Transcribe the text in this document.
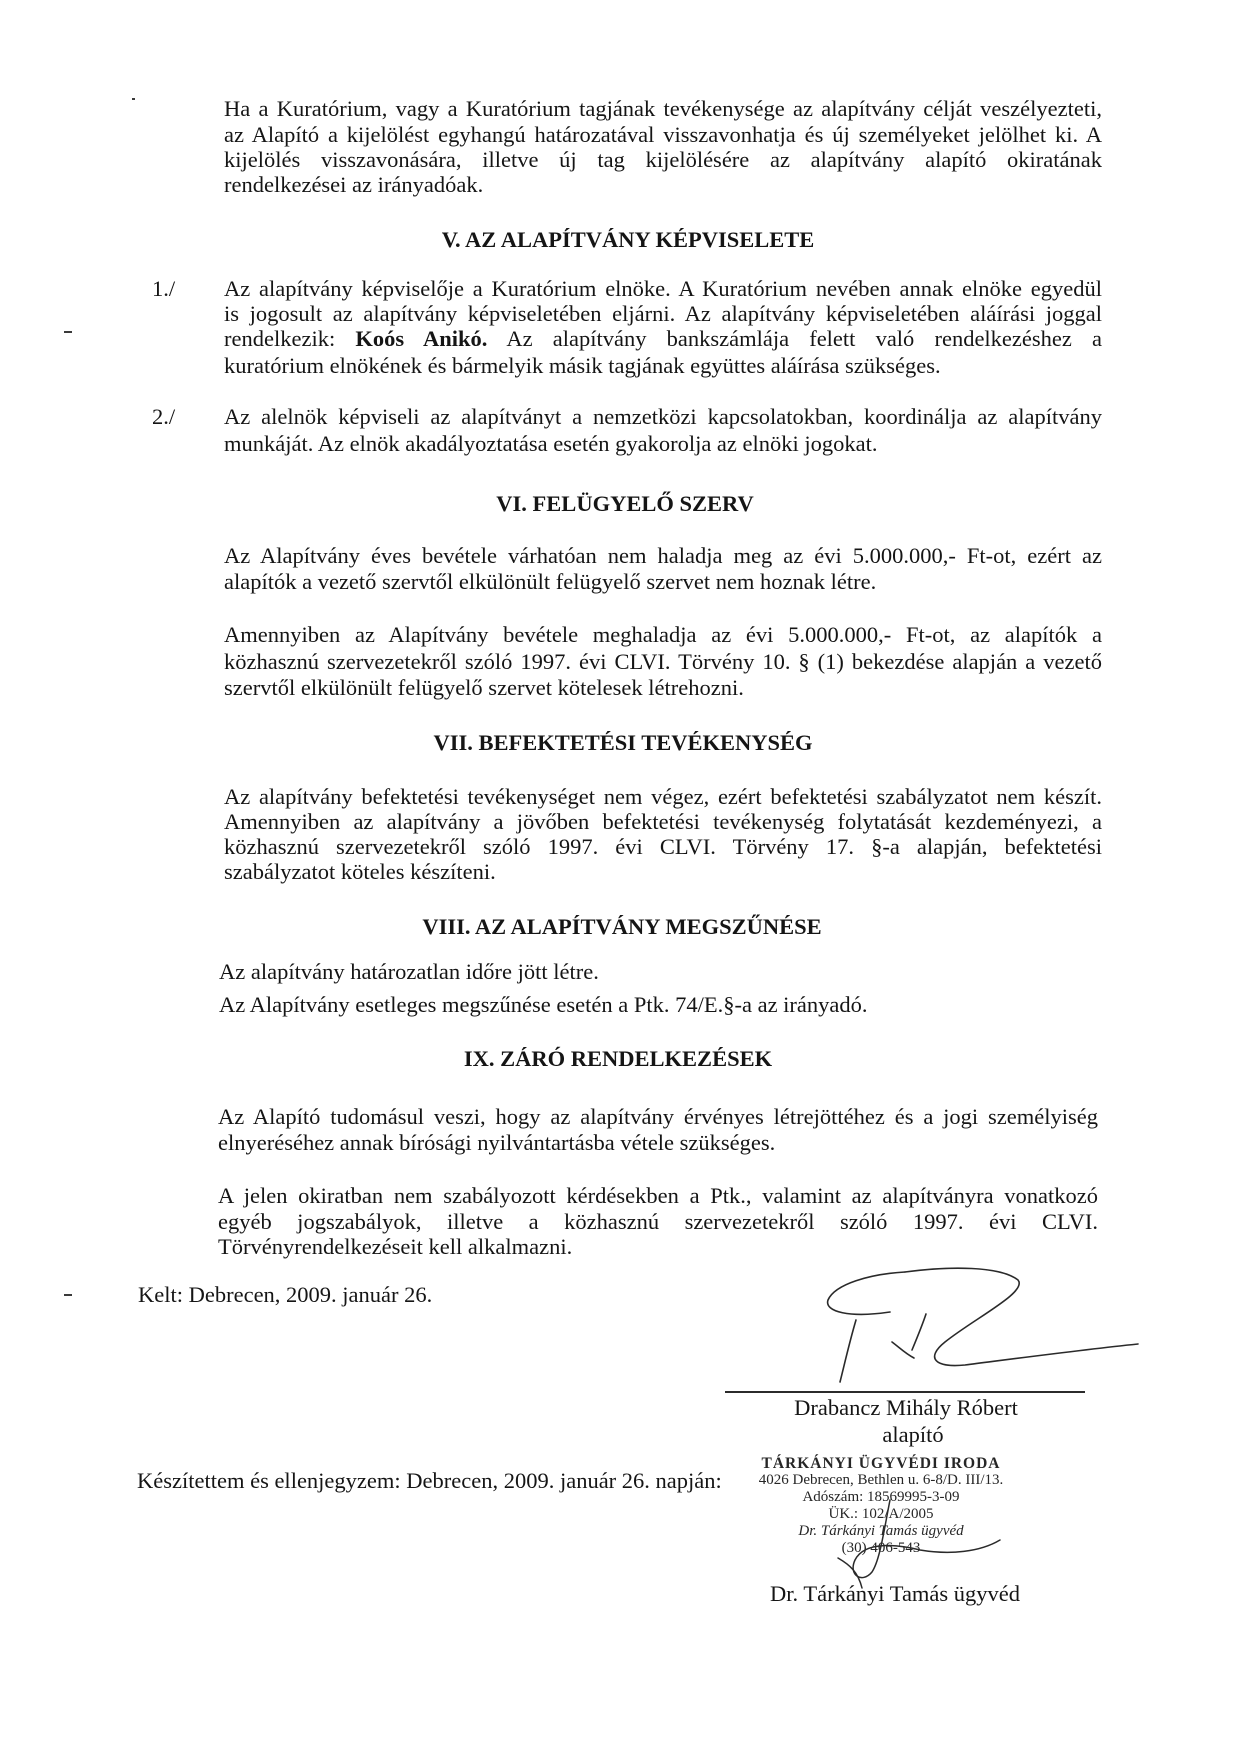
Ha a Kuratórium, vagy a Kuratórium tagjának tevékenysége az alapítvány célját veszélyezteti,
az Alapító a kijelölést egyhangú határozatával visszavonhatja és új személyeket jelölhet ki. A
kijelölés visszavonására, illetve új tag kijelölésére az alapítvány alapító okiratának
rendelkezései az irányadóak.
V. AZ ALAPÍTVÁNY KÉPVISELETE
1./ Az alapítvány képviselője a Kuratórium elnöke. A Kuratórium nevében annak elnöke egyedül
is jogosult az alapítvány képviseletében eljárni. Az alapítvány képviseletében aláírási joggal
rendelkezik: Koós Anikó. Az alapítvány bankszámlája felett való rendelkezéshez a
kuratórium elnökének és bármelyik másik tagjának együttes aláírása szükséges.
2./ Az alelnök képviseli az alapítványt a nemzetközi kapcsolatokban, koordinálja az alapítvány
munkáját. Az elnök akadályoztatása esetén gyakorolja az elnöki jogokat.
VI. FELÜGYELŐ SZERV
Az Alapítvány éves bevétele várhatóan nem haladja meg az évi 5.000.000,- Ft-ot, ezért az
alapítók a vezető szervtől elkülönült felügyelő szervet nem hoznak létre.
Amennyiben az Alapítvány bevétele meghaladja az évi 5.000.000,- Ft-ot, az alapítók a
közhasznú szervezetekről szóló 1997. évi CLVI. Törvény 10. § (1) bekezdése alapján a vezető
szervtől elkülönült felügyelő szervet kötelesek létrehozni.
VII. BEFEKTETÉSI TEVÉKENYSÉG
Az alapítvány befektetési tevékenységet nem végez, ezért befektetési szabályzatot nem készít.
Amennyiben az alapítvány a jövőben befektetési tevékenység folytatását kezdeményezi, a
közhasznú szervezetekről szóló 1997. évi CLVI. Törvény 17. §-a alapján, befektetési
szabályzatot köteles készíteni.
VIII. AZ ALAPÍTVÁNY MEGSZŰNÉSE
Az alapítvány határozatlan időre jött létre.
Az Alapítvány esetleges megszűnése esetén a Ptk. 74/E.§-a az irányadó.
IX. ZÁRÓ RENDELKEZÉSEK
Az Alapító tudomásul veszi, hogy az alapítvány érvényes létrejöttéhez és a jogi személyiség
elnyeréséhez annak bírósági nyilvántartásba vétele szükséges.
A jelen okiratban nem szabályozott kérdésekben a Ptk., valamint az alapítványra vonatkozó
egyéb jogszabályok, illetve a közhasznú szervezetekről szóló 1997. évi CLVI.
Törvényrendelkezéseit kell alkalmazni.
Kelt: Debrecen, 2009. január 26.
Drabancz Mihály Róbert
alapító
Készítettem és ellenjegyzem: Debrecen, 2009. január 26. napján:
TÁRKÁNYI ÜGYVÉDI IRODA
4026 Debrecen, Bethlen u. 6-8/D. III/13.
Adószám: 18569995-3-09
ÜK.: 102/A/2005
Dr. Tárkányi Tamás ügyvéd
(30) 406-543
Dr. Tárkányi Tamás ügyvéd
